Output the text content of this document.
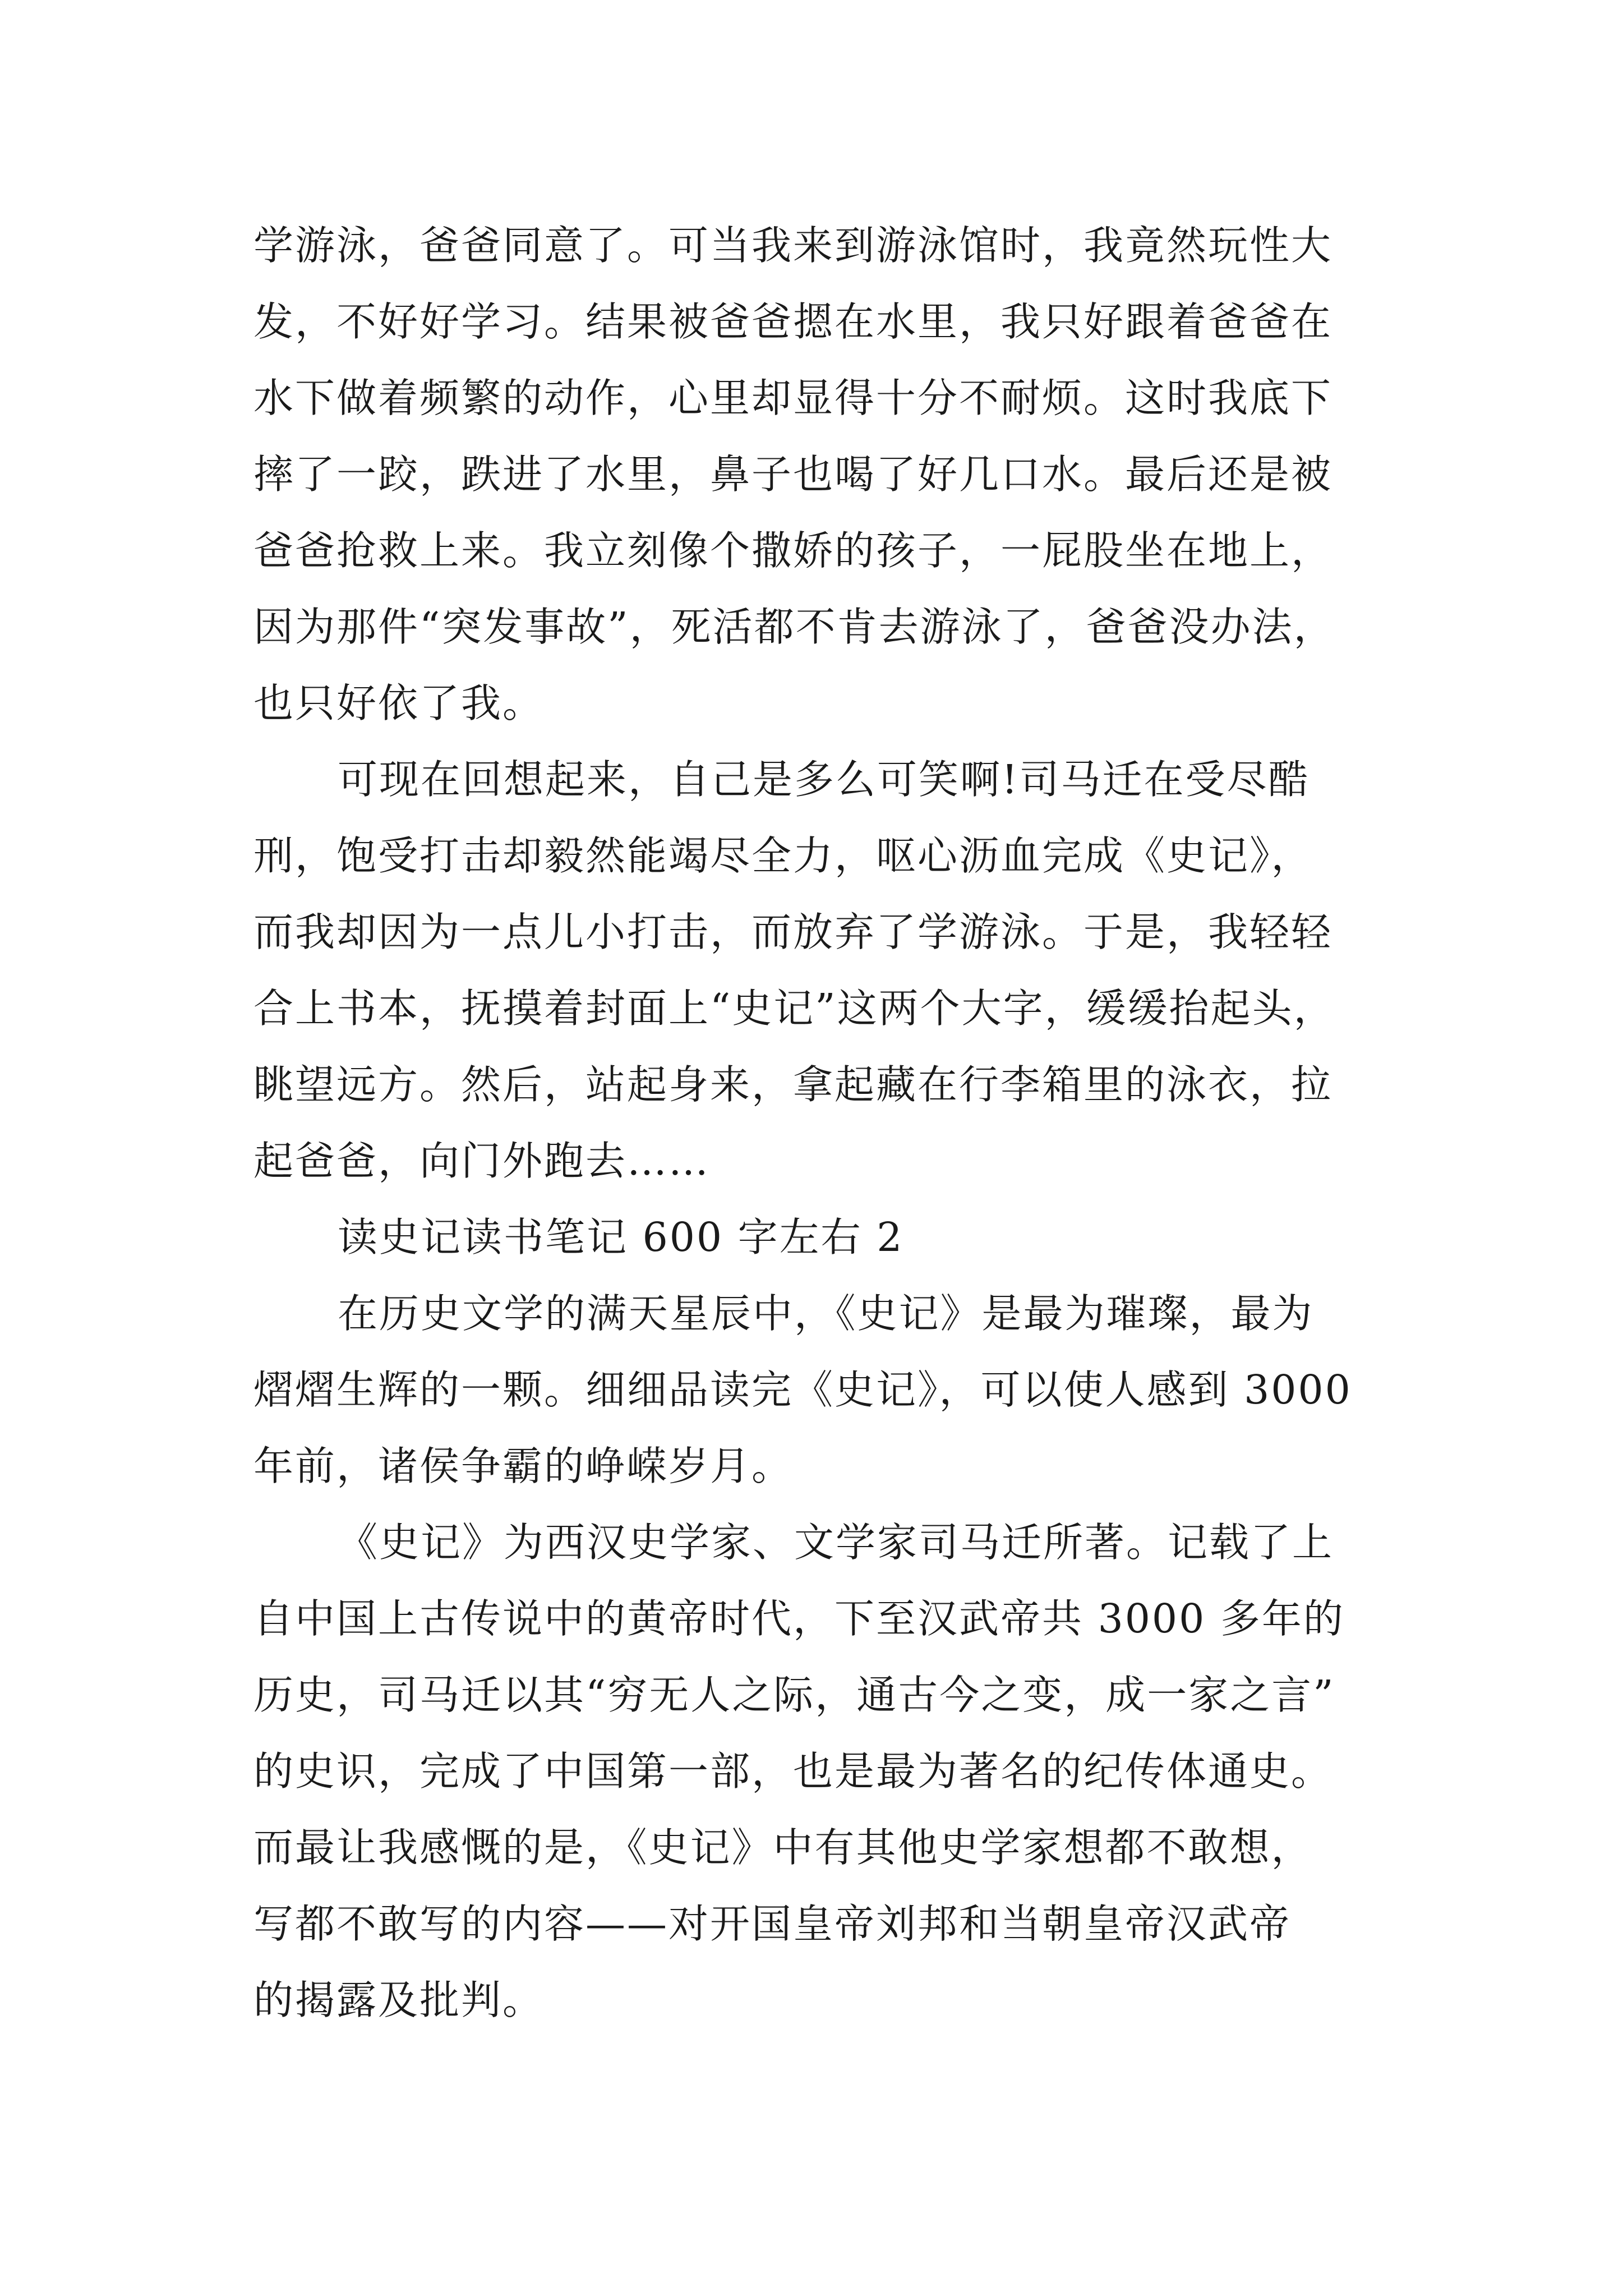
学游泳，爸爸同意了。可当我来到游泳馆时，我竟然玩性大
发，不好好学习。结果被爸爸摁在水里，我只好跟着爸爸在
水下做着频繁的动作，心里却显得十分不耐烦。这时我底下
摔了一跤，跌进了水里，鼻子也喝了好几口水。最后还是被
爸爸抢救上来。我立刻像个撒娇的孩子，一屁股坐在地上，
因为那件“突发事故”，死活都不肯去游泳了，爸爸没办法，
也只好依了我。
可现在回想起来，自己是多么可笑啊!司马迁在受尽酷
刑，饱受打击却毅然能竭尽全力，呕心沥血完成《史记》，
而我却因为一点儿小打击，而放弃了学游泳。于是，我轻轻
合上书本，抚摸着封面上“史记”这两个大字，缓缓抬起头，
眺望远方。然后，站起身来，拿起藏在行李箱里的泳衣，拉
起爸爸，向门外跑去……
读史记读书笔记 600 字左右 2
在历史文学的满天星辰中，《史记》是最为璀璨，最为
熠熠生辉的一颗。细细品读完《史记》，可以使人感到 3000
年前，诸侯争霸的峥嵘岁月。
《史记》为西汉史学家、文学家司马迁所著。记载了上
自中国上古传说中的黄帝时代，下至汉武帝共 3000 多年的
历史，司马迁以其“穷无人之际，通古今之变，成一家之言”
的史识，完成了中国第一部，也是最为著名的纪传体通史。
而最让我感慨的是，《史记》中有其他史学家想都不敢想，
写都不敢写的内容——对开国皇帝刘邦和当朝皇帝汉武帝
的揭露及批判。
